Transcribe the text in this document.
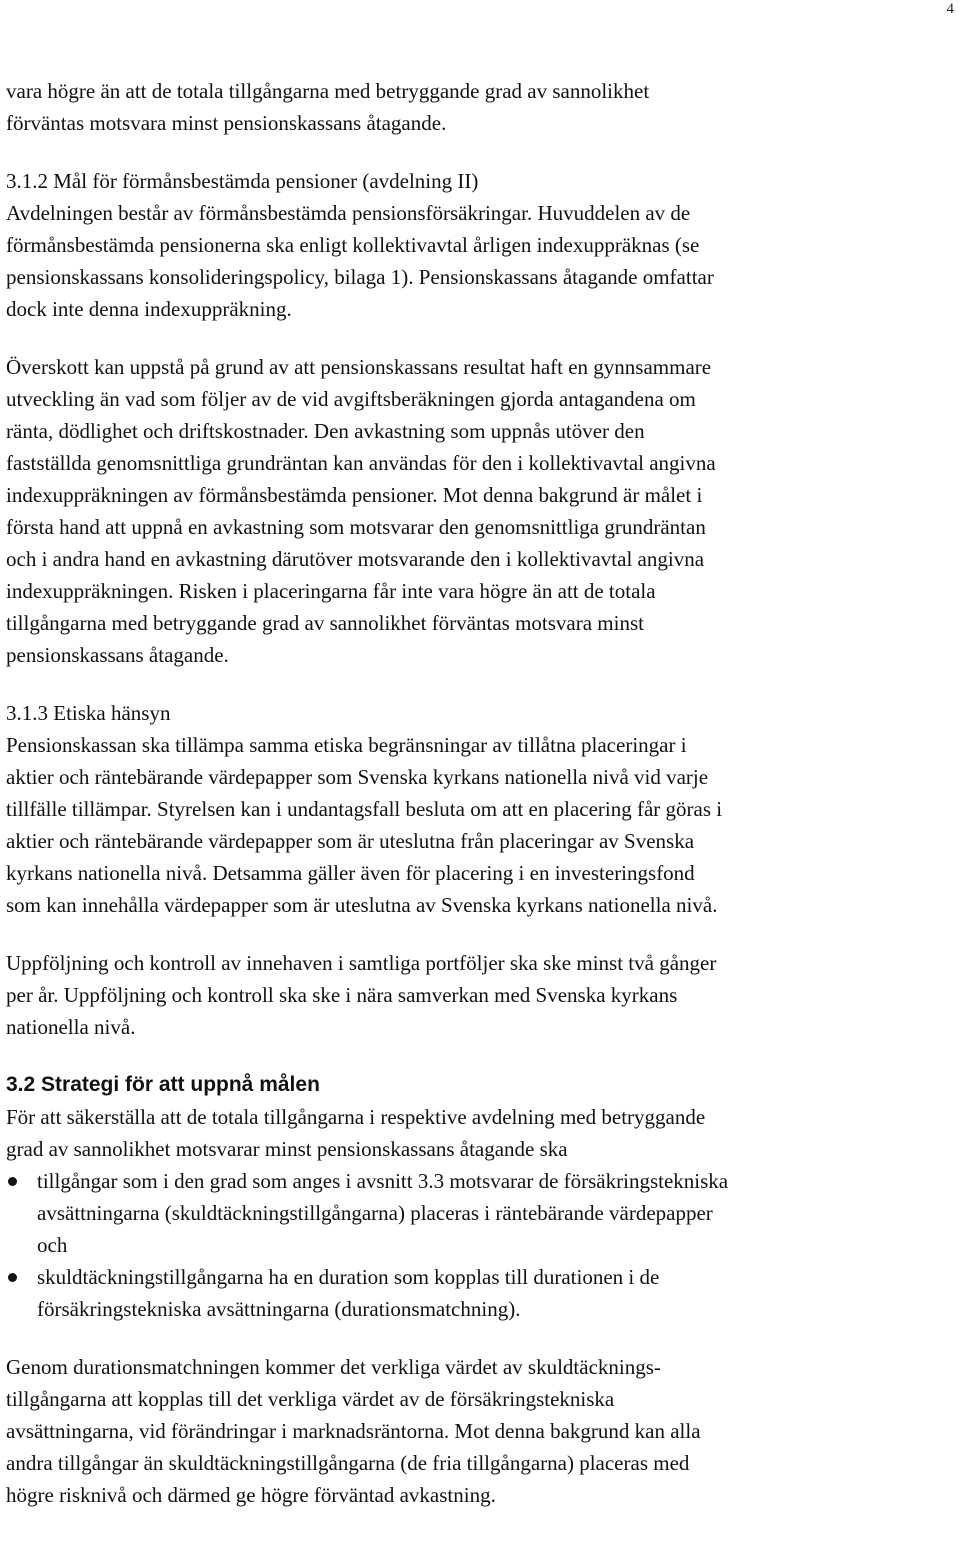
4

vara högre än att de totala tillgångarna med betryggande grad av sannolikhet
förväntas motsvara minst pensionskassans åtagande.

3.1.2 Mål för förmånsbestämda pensioner (avdelning II)

Avdelningen består av förmånsbestämda pensionsförsäkringar. Huvuddelen av de
förmånsbestämda pensionerna ska enligt kollektivavtal årligen indexuppräknas (se
pensionskassans konsolideringspolicy, bilaga 1). Pensionskassans åtagande omfattar
dock inte denna indexuppräkning.

Överskott kan uppstå på grund av att pensionskassans resultat haft en gynnsammare
utveckling än vad som följer av de vid avgiftsberäkningen gjorda antagandena om
ränta, dödlighet och driftskostnader. Den avkastning som uppnås utöver den
fastställda genomsnittliga grundräntan kan användas för den i kollektivavtal angivna
indexuppräkningen av förmånsbestämda pensioner. Mot denna bakgrund är målet i
första hand att uppnå en avkastning som motsvarar den genomsnittliga grundräntan
och i andra hand en avkastning därutöver motsvarande den i kollektivavtal angivna
indexuppräkningen. Risken i placeringarna får inte vara högre än att de totala
tillgångarna med betryggande grad av sannolikhet förväntas motsvara minst
pensionskassans åtagande.

3.1.3 Etiska hänsyn

Pensionskassan ska tillämpa samma etiska begränsningar av tillåtna placeringar i
aktier och räntebärande värdepapper som Svenska kyrkans nationella nivå vid varje
tillfälle tillämpar. Styrelsen kan i undantagsfall besluta om att en placering får göras i
aktier och räntebärande värdepapper som är uteslutna från placeringar av Svenska
kyrkans nationella nivå. Detsamma gäller även för placering i en investeringsfond
som kan innehålla värdepapper som är uteslutna av Svenska kyrkans nationella nivå.

Uppföljning och kontroll av innehaven i samtliga portföljer ska ske minst två gånger
per år. Uppföljning och kontroll ska ske i nära samverkan med Svenska kyrkans
nationella nivå.

3.2 Strategi för att uppnå målen

För att säkerställa att de totala tillgångarna i respektive avdelning med betryggande
grad av sannolikhet motsvarar minst pensionskassans åtagande ska

tillgångar som i den grad som anges i avsnitt 3.3 motsvarar de försäkringstekniska
avsättningarna (skuldtäckningstillgångarna) placeras i räntebärande värdepapper
och
skuldtäckningstillgångarna ha en duration som kopplas till durationen i de
försäkringstekniska avsättningarna (durationsmatchning).

Genom durationsmatchningen kommer det verkliga värdet av skuldtäcknings-
tillgångarna att kopplas till det verkliga värdet av de försäkringstekniska
avsättningarna, vid förändringar i marknadsräntorna. Mot denna bakgrund kan alla
andra tillgångar än skuldtäckningstillgångarna (de fria tillgångarna) placeras med
högre risknivå och därmed ge högre förväntad avkastning.
